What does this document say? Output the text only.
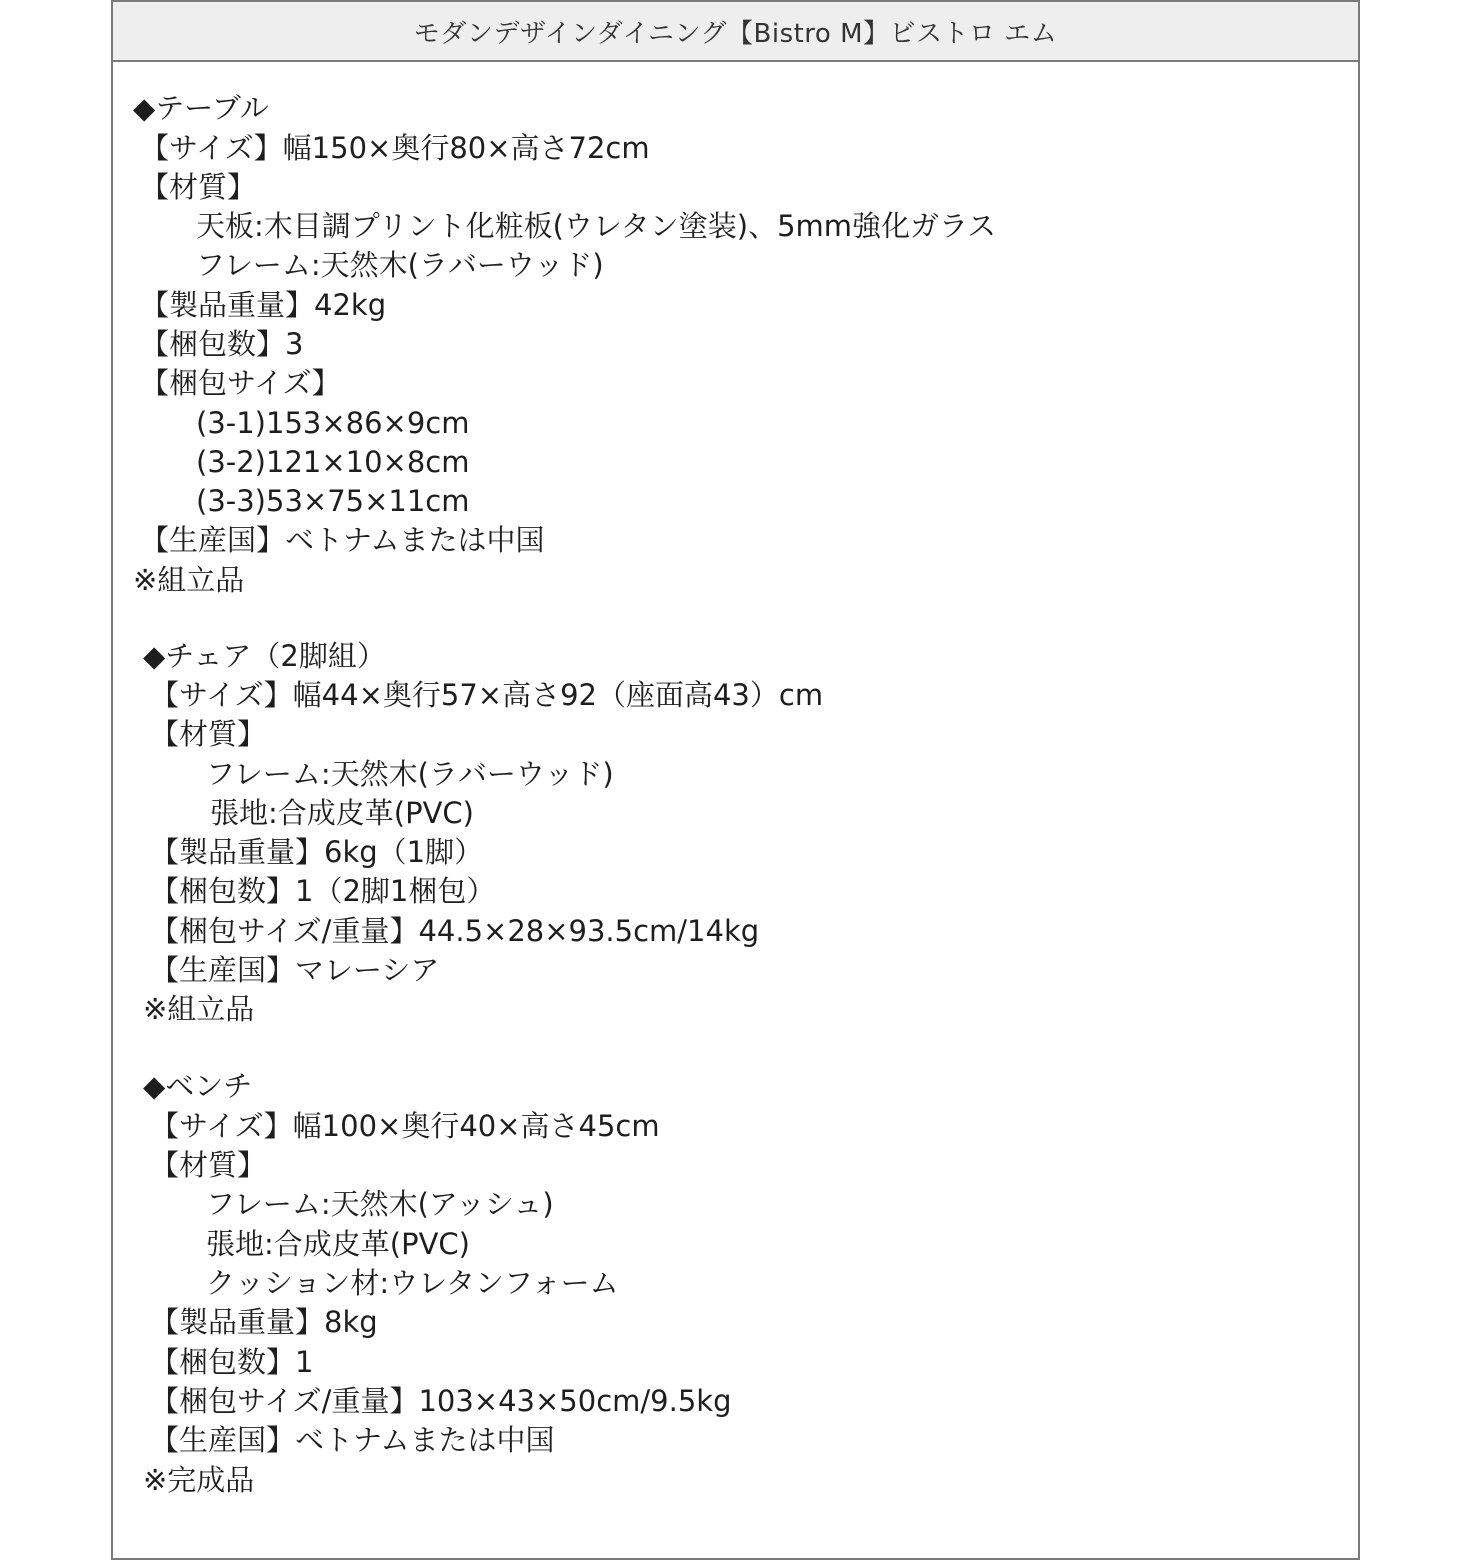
モダンデザインダイニング【Bistro M】ビストロ エム
◆テーブル
【サイズ】幅150×奥行80×高さ72cm
【材質】
天板:木目調プリント化粧板(ウレタン塗装)、5mm強化ガラス
フレーム:天然木(ラバーウッド)
【製品重量】42kg
【梱包数】3
【梱包サイズ】
(3-1)153×86×9cm
(3-2)121×10×8cm
(3-3)53×75×11cm
【生産国】ベトナムまたは中国
※組立品
◆チェア（2脚組）
【サイズ】幅44×奥行57×高さ92（座面高43）cm
【材質】
フレーム:天然木(ラバーウッド)
張地:合成皮革(PVC)
【製品重量】6kg（1脚）
【梱包数】1（2脚1梱包）
【梱包サイズ/重量】44.5×28×93.5cm/14kg
【生産国】マレーシア
※組立品
◆ベンチ
【サイズ】幅100×奥行40×高さ45cm
【材質】
フレーム:天然木(アッシュ)
張地:合成皮革(PVC)
クッション材:ウレタンフォーム
【製品重量】8kg
【梱包数】1
【梱包サイズ/重量】103×43×50cm/9.5kg
【生産国】ベトナムまたは中国
※完成品
